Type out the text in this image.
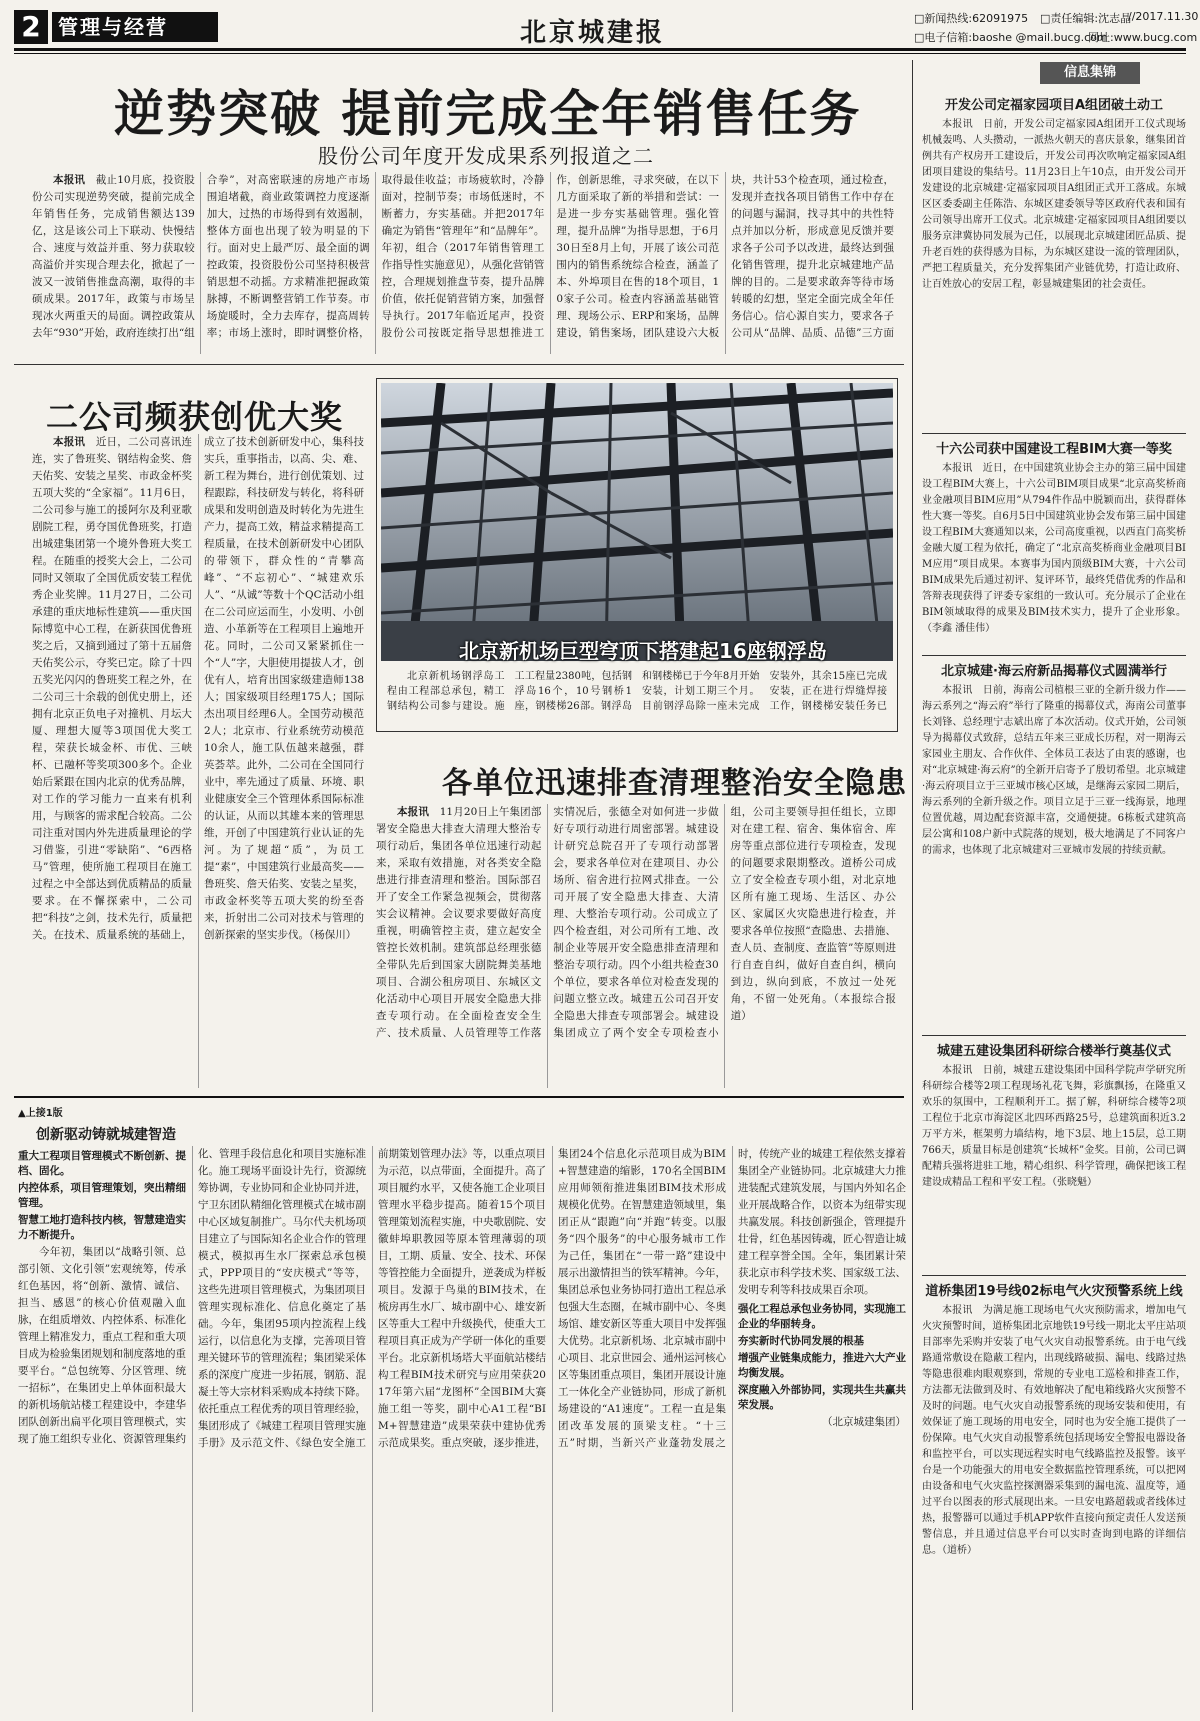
2 管理与经营	北京城建报	□新闻热线:62091975 □责任编辑:沈志晶
//2017.11.30
□电子信箱:baoshe @mail.bucg.com
网址:www.bucg.com
逆势突破 提前完成全年销售任务
股份公司年度开发成果系列报道之二

本报讯　 截止10月底，投资股份公司实现逆势突破，提前完成全年销售任务，完成销售额达139亿，这是该公司上下联动、快慢结合、速度与效益并重、努力获取较高溢价并实现合理去化，掀起了一波又一波销售推盘高潮，取得的丰硕成果。2017年，政策与市场呈现冰火两重天的局面。调控政策从去年“930”开始，政府连续打出“组合拳”，对高密联速的房地产市场围追堵截，商业政策调控力度逐渐加大，过热的市场得到有效遏制，整体方面也出现了较为明显的下行。面对史上最严厉、最全面的调控政策，投资股份公司坚持积极营销思想不动摇。方求精准把握政策脉搏，不断调整营销工作节奏。市场旋暖时，全力去库存，提高周转率；市场上涨时，即时调整价格，取得最佳收益；市场疲软时，冷静面对，控制节奏；市场低迷时，不断蓄力，夯实基础。并把2017年确定为销售“管理年”和“品牌年”。年初，组合（2017年销售管理工作指导性实施意见），从强化营销管控，合理规划推盘节奏，提升品牌价值，依托促销营销方案，加强督导执行。2017年临近尾声，投资股份公司按既定指导思想推进工作，创新思维，寻求突破，在以下几方面采取了新的举措和尝试：一是进一步夯实基础管理。强化管理，提升品牌”为指导思想，于6月30日至8月上旬，开展了该公司范围内的销售系统综合检查，涵盖了本、外埠项目在售的18个项目，10家子公司。检查内容涵盖基础管理、现场公示、ERP和案场，品牌建设，销售案场，团队建设六大板块，共计53个检查项，通过检查，发现并查找各项目销售工作中存在的问题与漏洞，找寻其中的共性特点并加以分析，形成意见反馈并要求各子公司予以改进，最终达到强化销售管理，提升北京城建地产品牌的目的。二是要求敢奔等待市场转暖的幻想，坚定全面完成全年任务信心。信心源自实力，要求各子公司从“品牌、品质、品德”三方面

二公司频获创优大奖

本报讯　 近日，二公司喜讯连连，实了鲁班奖、钢结构金奖、詹天佑奖、安装之星奖、市政金杯奖五项大奖的“全家福”。11月6日，二公司参与施工的援阿尔及利亚歌剧院工程，勇夺国优鲁班奖，打造出城建集团第一个境外鲁班大奖工程。在随重的授奖大会上，二公司同时又领取了全国优质安装工程优秀企业奖牌。11月27日，二公司承建的重庆地标性建筑——重庆国际博览中心工程，在新获国优鲁班奖之后，又摘到通过了第十五届詹天佑奖公示，夺奖已定。除了十四五奖光闪闪的鲁班奖工程之外，在二公司三十余载的创优史册上，还拥有北京正负电子对撞机、月坛大厦、理想大厦等3项国优大奖工程，荣获长城金杯、市优、三峡杯、已融杯等奖项300多个。企业始后紧跟在国内北京的优秀品牌，对工作的学习能力一直来有机利用，与顾客的需求配合较高。二公司注重对国内外先进质量理论的学习借鉴，引进“零缺陷”、“6西格马”管理，使所施工程项目在施工过程之中全部达到优质精品的质量要求。在不懈探索中，二公司把“科技”之剑，技术先行，质量把关。在技术、质量系统的基础上，成立了技术创新研发中心，集科技实兵，重事指击，以高、尖、难、新工程为舞台，进行创优策划、过程跟踪，科技研发与转化，将科研成果和发明创造及时转化为先进生产力，提高工效，精益求精提高工程质量，在技术创新研发中心团队的带领下，群众性的“青攀高峰”、“不忘初心”、“城建欢乐人”、“从诚”等数十个QC活动小组在二公司应运而生，小发明、小创造、小革新等在工程项目上遍地开花。同时，二公司又紧紧抓住一个“人”字，大胆使用提拔人才，创优有人，培育出国家级建造师138人；国家级项目经理175人；国际杰出项目经理6人。全国劳动模范2人；北京市、行业系统劳动模范10余人，施工队伍越来越强，群英荟萃。此外，二公司在全国同行业中，率先通过了质量、环境、职业健康安全三个管理体系国际标准的认证，从而以其雄本来的管理思维，开创了中国建筑行业认证的先河。为了规超“质”，为员工提“素”，中国建筑行业最高奖——鲁班奖、詹天佑奖、安装之星奖，市政金杯奖等五项大奖的纷至沓来，折射出二公司对技术与管理的创新探索的坚实步伐。（杨保川）

北京新机场巨型穹顶下搭建起16座钢浮岛

北京新机场钢浮岛工程由工程部总承包，精工钢结构公司参与建设。施工工程量2380吨，包括钢浮岛16个，10号钢桥1座，钢楼梯26部。钢浮岛和钢楼梯已于今年8月开始安装，计划工期三个月。目前钢浮岛除一座未完成安装外，其余15座已完成安装，正在进行焊缝焊接工作，钢楼梯安装任务已 　

各单位迅速排查清理整治安全隐患

本报讯　 11月20日上午集团部署安全隐患大排查大清理大整治专项行动后，集团各单位迅速行动起来，采取有效措施，对各类安全隐患进行排查清理和整治。国际部召开了安全工作紧急视频会，贯彻落实会议精神。会议要求要做好高度重视，明确管控主责，建立起安全管控长效机制。建筑部总经理张德全带队先后到国家大剧院舞美基地项目、合湖公租房项目、东城区文化活动中心项目开展安全隐患大排查专项行动。在全面检查安全生产、技术质量、人员管理等工作落实情况后，张德全对如何进一步做好专项行动进行周密部署。城建设计研究总院召开了专项行动部署会，要求各单位对在建项目、办公场所、宿舍进行拉网式排查。一公司开展了安全隐患大排查、大清理、大整治专项行动。公司成立了四个检查组，对公司所有工地、改制企业等展开安全隐患排查清理和整治专项行动。四个小组共检查30个单位，要求各单位对检查发现的问题立整立改。城建五公司召开安全隐患大排查专项部署会。城建设集团成立了两个安全专项检查小组，公司主要领导担任组长，立即对在建工程、宿舍、集体宿舍、库房等重点部位进行专项检查，发现的问题要求限期整改。道桥公司成立了安全检查专项小组，对北京地区所有施工现场、生活区、办公区、家属区火灾隐患进行检查，并要求各单位按照“查隐患、去措施、查人员、查制度、查监管”等原则进行自查自纠，做好自查自纠，横向到边，纵向到底，不放过一处死角，不留一处死角。（本报综合报道）

▲上接1版
创新驱动铸就城建智造
重大工程项目管理模式不断创新、提档、固化。
内控体系，项目管理策划，突出精细管理。
智慧工地打造科技内核，智慧建造实力不断提升。

今年初，集团以“战略引领、总部引领、文化引领”宏观统筹，传承红色基因，将“创新、激情、诚信、担当、感恩”的核心价值观融入血脉，在组质增效、内控体系、标准化管理上精准发力，重点工程和重大项目成为检验集团规划和制度落地的重要平台。“总包统筹、分区管理、统一招标”，在集团史上单体面积最大的新机场航站楼工程建设中，李建华团队创新出扁平化项目管理模式，实现了施工组织专业化、资源管理集约化、管理手段信息化和项目实施标准化。施工现场平面设计先行，资源统筹协调，专业协同和企业协同并进，宁卫东团队精细化管理模式在城市副中心区域复制推广。马尔代夫机场项目建立了与国际知名企业合作的管理模式，模拟再生水厂探索总承包模式，PPP项目的“安庆模式”等等，这些先进项目管理模式，为集团项目管理实现标准化、信息化奠定了基础。今年，集团95项内控流程上线运行，以信息化为支撑，完善项目管理关键环节的管理流程；集团梁采体系的深度广度进一步拓展，钢筋、混凝土等大宗材料采购成本持续下降。依托重点工程优秀的项目管理经验，集团形成了《城建工程项目管理实施手册》及示范文件、《绿色安全施工前期策划管理办法》等，以重点项目为示范，以点带面，全面提升。高了项目履约水平，又使各施工企业项目管理水平稳步提高。随着15个项目管理策划流程实施，中央歌剧院、安徽蚌埠职教园等原本管理薄弱的项目，工期、质量、安全、技术、环保等管控能力全面提升，逆袭成为样板项目。发源于鸟巢的BIM技术，在梳房再生水厂、城市副中心、雄安新区等重大工程中升级换代，使重大工程项目真正成为产学研一体化的重要平台。北京新机场塔大平面航站楼结构工程BIM技术研究与应用荣获2017年第六届“龙图杯”全国BIM大赛施工组一等奖，副中心A1工程“BIM+智慧建造”成果荣获中建协优秀示范成果奖。重点突破，逐步推进，集团24个信息化示范项目成为BIM+智慧建造的缩影，170名全国BIM应用师领衔推进集团BIM技术形成规模化优势。在智慧建造领域里，集团正从“跟跑”向“并跑”转变。以服务“四个服务”的中心服务城市工作为己任，集团在“一带一路”建设中展示出激情担当的铁军精神。今年，集团总承包业务协同打造出工程总承包强大生态圈，在城市副中心、冬奥场馆、雄安新区等重大项目中发挥强大优势。北京新机场、北京城市副中心项目、北京世园会、通州运河核心区等集团重点项目，集团开展设计施工一体化全产业链协同，形成了新机场建设的“A1速度”。工程一直是集团改革发展的顶梁支柱。“十三五”时期，当新兴产业蓬勃发展之时，传统产业的城建工程依然支撑着集团全产业链协同。北京城建大力推进装配式建筑发展，与国内外知名企业开展战略合作，以资本为纽带实现共赢发展。科技创新强企，管理提升壮骨，红色基因铸魂，匠心智造让城建工程享誉全国。全年，集团累计荣获北京市科学技术奖、国家级工法、发明专利等科技成果百余项。

强化工程总承包业务协同，实现施工企业的华丽转身。
夯实新时代协同发展的根基
增强产业链集成能力，推进六大产业均衡发展。
深度融入外部协同，实现共生共赢共荣发展。

（北京城建集团）

信息集锦
开发公司定福家园项目A组团破土动工

本报讯　日前，开发公司定福家园A组团开工仪式现场机械轰鸣、人头攒动，一派热火朝天的喜庆景象，继集团首例共有产权房开工建设后，开发公司再次吹响定福家园A组团项目建设的集结号。11月23日上午10点，由开发公司开发建设的北京城建·定福家园项目A组团正式开工落成。东城区区委委副主任陈浩、东城区建委领导等区政府代表和国有公司领导出席开工仪式。北京城建·定福家园项目A组团要以服务京津冀协同发展为己任，以展现北京城建团匠品质、提升老百姓的获得感为目标，为东城区建设一流的管理团队，严把工程质量关，充分发挥集团产业链优势，打造让政府、让百姓放心的安居工程，彰显城建集团的社会责任。

十六公司获中国建设工程BIM大赛一等奖

本报讯　近日，在中国建筑业协会主办的第三届中国建设工程BIM大赛上，十六公司BIM项目成果“北京高奖桥商业金融项目BIM应用”从794件作品中脱颖而出，获得群体性大赛一等奖。自6月5日中国建筑业协会发布第三届中国建设工程BIM大赛通知以来，公司高度重视，以西直门高奖桥金融大厦工程为依托，确定了“北京高奖桥商业金融项目BIM应用”项目成果。本赛事为国内顶级BIM大赛，十六公司BIM成果先后通过初评、复评环节，最终凭借优秀的作品和答辩表现获得了评委专家组的一致认可。充分展示了企业在BIM领域取得的成果及BIM技术实力，提升了企业形象。（李鑫 潘佳伟）

北京城建·海云府新品揭幕仪式圆满举行

本报讯　日前，海南公司植根三亚的全新升级力作——海云系列之“海云府”举行了隆重的揭幕仪式，海南公司董事长刘锋、总经理宁志斌出席了本次活动。仪式开始，公司领导为揭幕仪式致辞，总结五年来三亚成长历程，对一期海云家园业主朋友、合作伙伴、全体员工表达了由衷的感谢，也对“北京城建·海云府”的全新开启寄予了殷切希望。北京城建·海云府项目立于三亚城市核心区域，是继海云家园二期后，海云系列的全新升级之作。项目立足于三亚一线海景，地理位置优越，周边配套资源丰富，交通便捷。6栋板式建筑高层公寓和108户新中式院落的规划，极大地满足了不同客户的需求，也体现了北京城建对三亚城市发展的持续贡献。

城建五建设集团科研综合楼举行奠基仪式

本报讯　日前，城建五建设集团中国科学院声学研究所科研综合楼等2项工程现场礼花飞舞，彩旗飘扬，在隆重又欢乐的氛围中，工程顺利开工。据了解，科研综合楼等2项工程位于北京市海淀区北四环西路25号，总建筑面积近3.2万平方米，框架剪力墙结构，地下3层、地上15层，总工期766天，质量目标是创建筑“长城杯”金奖。目前，公司已调配精兵强将进驻工地，精心组织、科学管理，确保把该工程建设成精品工程和平安工程。（张晓魁）

道桥集团19号线02标电气火灾预警系统上线

本报讯　为满足施工现场电气火灾预防需求，增加电气火灾预警时间，道桥集团北京地铁19号线一期北太平庄站项目部率先采购并安装了电气火灾自动报警系统。由于电气线路通常敷设在隐蔽工程内，出现线路破损、漏电、线路过热等隐患很难肉眼观察到，常规的专业电工巡检和排查工作，方法都无法做到及时、有效地解决了配电箱线路火灾预警不及时的问题。电气火灾自动报警系统的现场安装和使用，有效保证了施工现场的用电安全，同时也为安全施工提供了一份保障。电气火灾自动报警系统包括现场安全警报电器设备和监控平台，可以实现远程实时电气线路监控及报警。该平台是一个功能强大的用电安全数据监控管理系统，可以把网由设备和电气火灾监控探测器采集到的漏电流、温度等，通过平台以图表的形式展现出来。一旦安电路超载或者线体过热，报警器可以通过手机APP软件直接向预定责任人发送预警信息，并且通过信息平台可以实时查询到电路的详细信息。（道桥）
